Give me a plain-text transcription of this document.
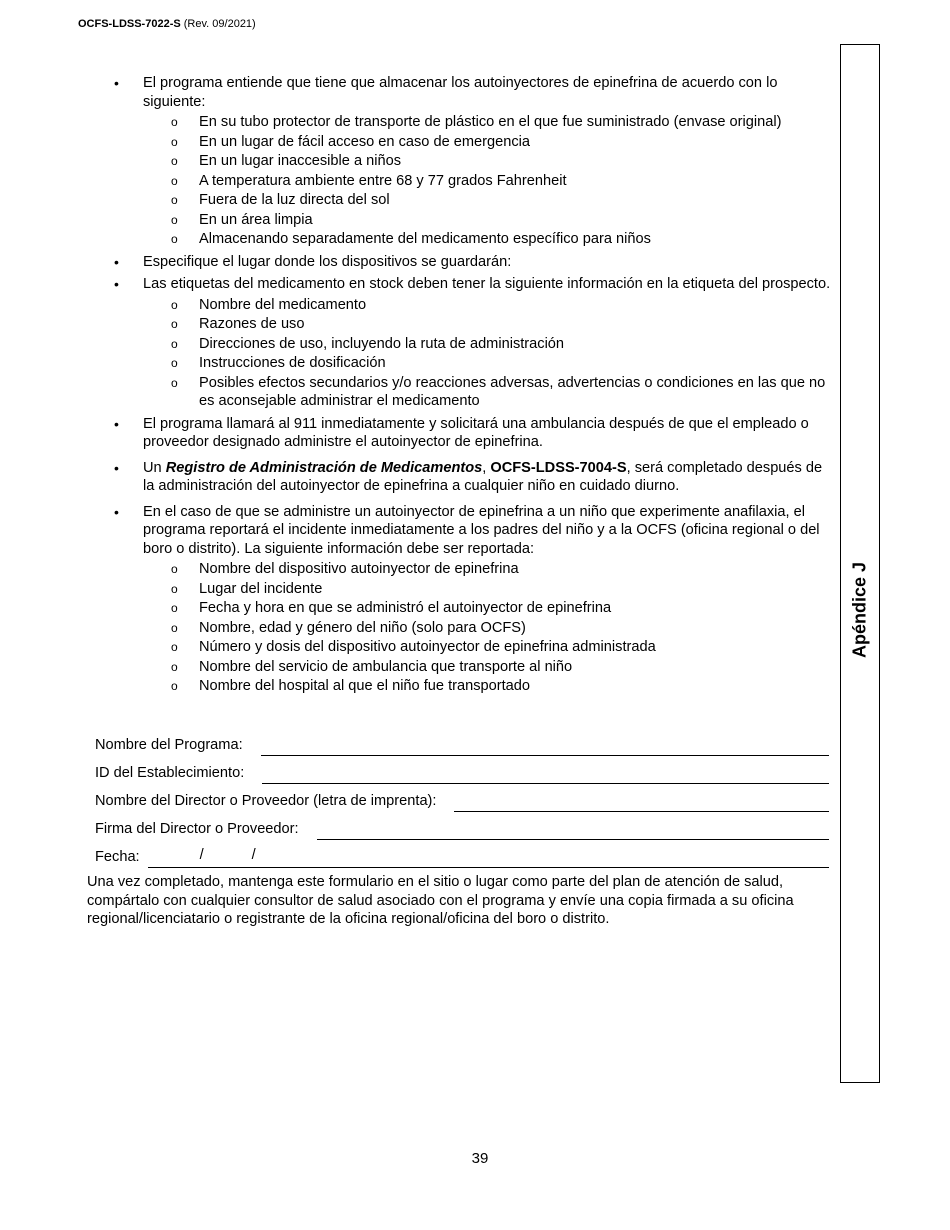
OCFS-LDSS-7022-S (Rev. 09/2021)
Apéndice J
• El programa entiende que tiene que almacenar los autoinyectores de epinefrina de acuerdo con lo siguiente:
o En su tubo protector de transporte de plástico en el que fue suministrado (envase original)
o En un lugar de fácil acceso en caso de emergencia
o En un lugar inaccesible a niños
o A temperatura ambiente entre 68 y 77 grados Fahrenheit
o Fuera de la luz directa del sol
o En un área limpia
o Almacenando separadamente del medicamento específico para niños
• Especifique el lugar donde los dispositivos se guardarán:
• Las etiquetas del medicamento en stock deben tener la siguiente información en la etiqueta del prospecto.
o Nombre del medicamento
o Razones de uso
o Direcciones de uso, incluyendo la ruta de administración
o Instrucciones de dosificación
o Posibles efectos secundarios y/o reacciones adversas, advertencias o condiciones en las que no es aconsejable administrar el medicamento
• El programa llamará al 911 inmediatamente y solicitará una ambulancia después de que el empleado o proveedor designado administre el autoinyector de epinefrina.
• Un Registro de Administración de Medicamentos, OCFS-LDSS-7004-S, será completado después de la administración del autoinyector de epinefrina a cualquier niño en cuidado diurno.
• En el caso de que se administre un autoinyector de epinefrina a un niño que experimente anafilaxia, el programa reportará el incidente inmediatamente a los padres del niño y a la OCFS (oficina regional o del boro o distrito). La siguiente información debe ser reportada:
o Nombre del dispositivo autoinyector de epinefrina
o Lugar del incidente
o Fecha y hora en que se administró el autoinyector de epinefrina
o Nombre, edad y género del niño (solo para OCFS)
o Número y dosis del dispositivo autoinyector de epinefrina administrada
o Nombre del servicio de ambulancia que transporte al niño
o Nombre del hospital al que el niño fue transportado
Nombre del Programa:
ID del Establecimiento:
Nombre del Director o Proveedor (letra de imprenta):
Firma del Director o Proveedor:
Fecha:	/	/
Una vez completado, mantenga este formulario en el sitio o lugar como parte del plan de atención de salud, compártalo con cualquier consultor de salud asociado con el programa y envíe una copia firmada a su oficina regional/licenciatario o registrante de la oficina regional/oficina del boro o distrito.
39
